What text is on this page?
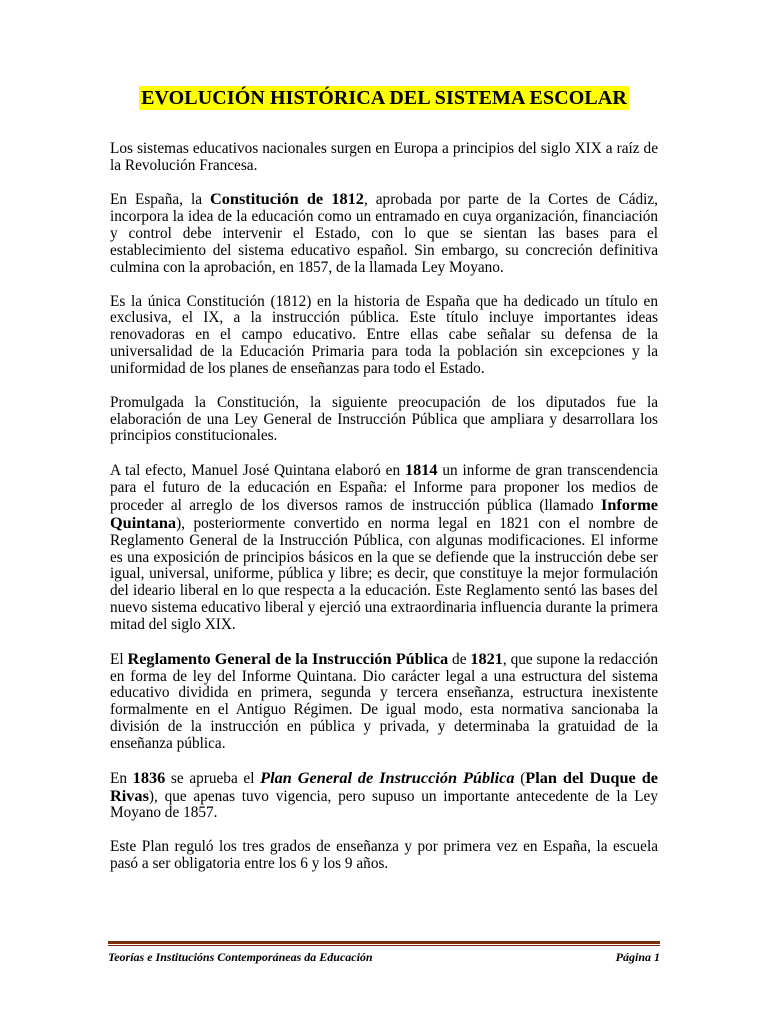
EVOLUCIÓN HISTÓRICA DEL SISTEMA ESCOLAR

Los sistemas educativos nacionales surgen en Europa a principios del siglo XIX a raíz de la Revolución Francesa.

En España, la Constitución de 1812, aprobada por parte de la Cortes de Cádiz, incorpora la idea de la educación como un entramado en cuya organización, financiación y control debe intervenir el Estado, con lo que se sientan las bases para el establecimiento del sistema educativo español. Sin embargo, su concreción definitiva culmina con la aprobación, en 1857, de la llamada Ley Moyano.

Es la única Constitución (1812) en la historia de España que ha dedicado un título en exclusiva, el IX, a la instrucción pública. Este título incluye importantes ideas renovadoras en el campo educativo. Entre ellas cabe señalar su defensa de la universalidad de la Educación Primaria para toda la población sin excepciones y la uniformidad de los planes de enseñanzas para todo el Estado.

Promulgada la Constitución, la siguiente preocupación de los diputados fue la elaboración de una Ley General de Instrucción Pública que ampliara y desarrollara los principios constitucionales.

A tal efecto, Manuel José Quintana elaboró en 1814 un informe de gran transcendencia para el futuro de la educación en España: el Informe para proponer los medios de proceder al arreglo de los diversos ramos de instrucción pública (llamado Informe Quintana), posteriormente convertido en norma legal en 1821 con el nombre de Reglamento General de la Instrucción Pública, con algunas modificaciones. El informe es una exposición de principios básicos en la que se defiende que la instrucción debe ser igual, universal, uniforme, pública y libre; es decir, que constituye la mejor formulación del ideario liberal en lo que respecta a la educación. Este Reglamento sentó las bases del nuevo sistema educativo liberal y ejerció una extraordinaria influencia durante la primera mitad del siglo XIX.

El Reglamento General de la Instrucción Pública de 1821, que supone la redacción en forma de ley del Informe Quintana. Dio carácter legal a una estructura del sistema educativo dividida en primera, segunda y tercera enseñanza, estructura inexistente formalmente en el Antiguo Régimen. De igual modo, esta normativa sancionaba la división de la instrucción en pública y privada, y determinaba la gratuidad de la enseñanza pública.

En 1836 se aprueba el Plan General de Instrucción Pública (Plan del Duque de Rivas), que apenas tuvo vigencia, pero supuso un importante antecedente de la Ley Moyano de 1857.

Este Plan reguló los tres grados de enseñanza y por primera vez en España, la escuela pasó a ser obligatoria entre los 6 y los 9 años.

Teorías e Institucións Contemporáneas da Educación	Página 1
